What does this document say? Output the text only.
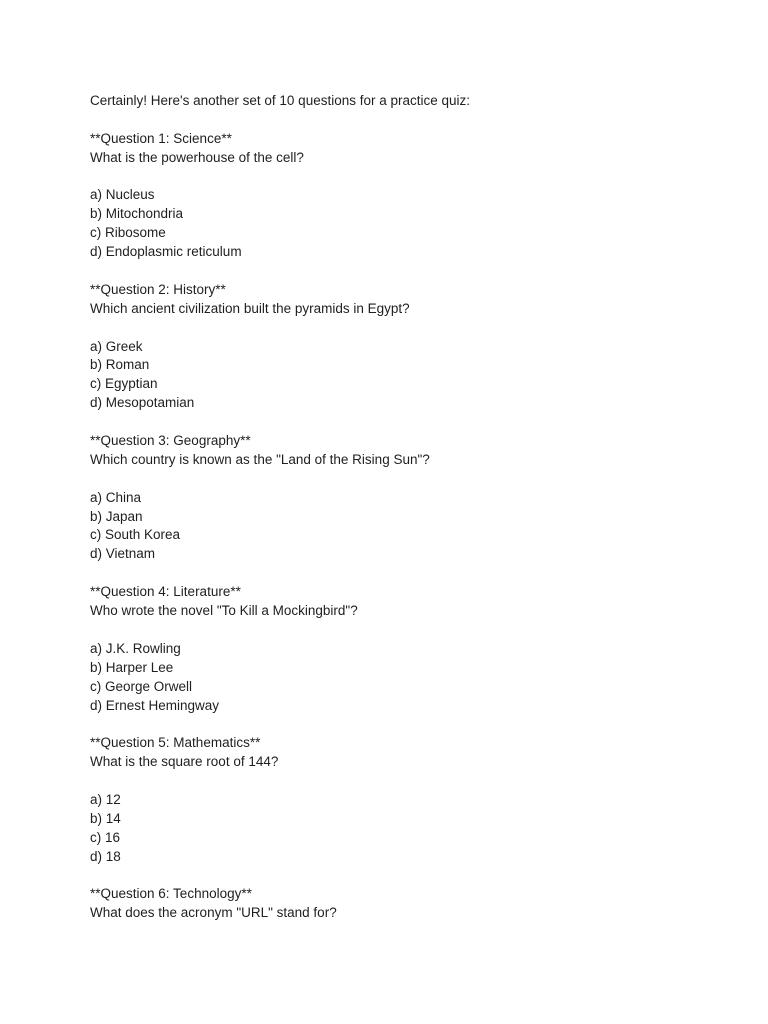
Certainly! Here's another set of 10 questions for a practice quiz:
**Question 1: Science**
What is the powerhouse of the cell?
a) Nucleus
b) Mitochondria
c) Ribosome
d) Endoplasmic reticulum
**Question 2: History**
Which ancient civilization built the pyramids in Egypt?
a) Greek
b) Roman
c) Egyptian
d) Mesopotamian
**Question 3: Geography**
Which country is known as the "Land of the Rising Sun"?
a) China
b) Japan
c) South Korea
d) Vietnam
**Question 4: Literature**
Who wrote the novel "To Kill a Mockingbird"?
a) J.K. Rowling
b) Harper Lee
c) George Orwell
d) Ernest Hemingway
**Question 5: Mathematics**
What is the square root of 144?
a) 12
b) 14
c) 16
d) 18
**Question 6: Technology**
What does the acronym "URL" stand for?
